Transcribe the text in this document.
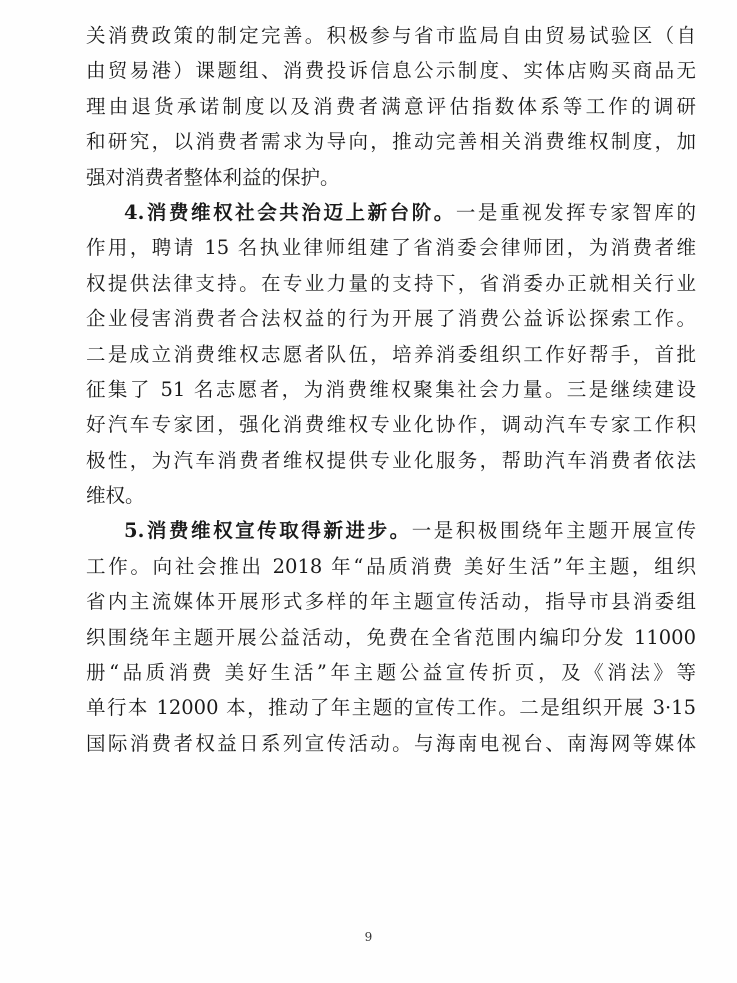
关消费政策的制定完善。积极参与省市监局自由贸易试验区（自
由贸易港）课题组、消费投诉信息公示制度、实体店购买商品无
理由退货承诺制度以及消费者满意评估指数体系等工作的调研
和研究，以消费者需求为导向，推动完善相关消费维权制度，加
强对消费者整体利益的保护。
4.消费维权社会共治迈上新台阶。一是重视发挥专家智库的
作用，聘请 15 名执业律师组建了省消委会律师团，为消费者维
权提供法律支持。在专业力量的支持下，省消委办正就相关行业
企业侵害消费者合法权益的行为开展了消费公益诉讼探索工作。
二是成立消费维权志愿者队伍，培养消委组织工作好帮手，首批
征集了 51 名志愿者，为消费维权聚集社会力量。三是继续建设
好汽车专家团，强化消费维权专业化协作，调动汽车专家工作积
极性，为汽车消费者维权提供专业化服务，帮助汽车消费者依法
维权。
5.消费维权宣传取得新进步。一是积极围绕年主题开展宣传
工作。向社会推出 2018 年“品质消费 美好生活”年主题，组织
省内主流媒体开展形式多样的年主题宣传活动，指导市县消委组
织围绕年主题开展公益活动，免费在全省范围内编印分发 11000
册“品质消费 美好生活”年主题公益宣传折页，及《消法》等
单行本 12000 本，推动了年主题的宣传工作。二是组织开展 3·15
国际消费者权益日系列宣传活动。与海南电视台、南海网等媒体
9
